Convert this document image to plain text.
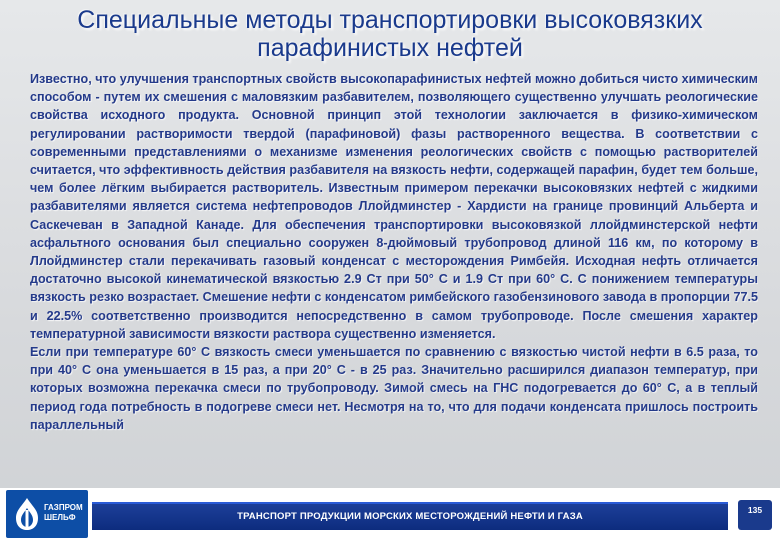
Специальные методы транспортировки высоковязких парафинистых нефтей

Известно, что улучшения транспортных свойств высокопарафинистых нефтей можно добиться чисто химическим способом - путем их смешения с маловязким разбавителем, позволяющего существенно улучшать реологические свойства исходного продукта. Основной принцип этой технологии заключается в физико-химическом регулировании растворимости твердой (парафиновой) фазы растворенного вещества. В соответствии с современными представлениями о механизме изменения реологических свойств с помощью растворителей считается, что эффективность действия разбавителя на вязкость нефти, содержащей парафин, будет тем больше, чем более лёгким выбирается растворитель. Известным примером перекачки высоковязких нефтей с жидкими разбавителями является система нефтепроводов Ллойдминстер - Хардисти на границе провинций Альберта и Саскечеван в Западной Канаде. Для обеспечения транспортировки высоковязкой ллойдминстерской нефти асфальтного основания был специально сооружен 8-дюймовый трубопровод длиной 116 км, по которому в Ллойдминстер стали перекачивать газовый конденсат с месторождения Римбейя. Исходная нефть отличается достаточно высокой кинематической вязкостью 2.9 Ст при 50° С и 1.9 Ст при 60° С. С понижением температуры вязкость резко возрастает. Смешение нефти с конденсатом римбейского газобензинового завода в пропорции 77.5 и 22.5% соответственно производится непосредственно в самом трубопроводе. После смешения характер температурной зависимости вязкости раствора существенно изменяется.

Если при температуре 60° С вязкость смеси уменьшается по сравнению с вязкостью чистой нефти в 6.5 раза, то при 40° С она уменьшается в 15 раз, а при 20° С - в 25 раз. Значительно расширился диапазон температур, при которых возможна перекачка смеси по трубопроводу. Зимой смесь на ГНС подогревается до 60° С, а в теплый период года потребность в подогреве смеси нет. Несмотря на то, что для подачи конденсата пришлось построить параллельный

ГАЗПРОМ
ШЕЛЬФ	ТРАНСПОРТ ПРОДУКЦИИ МОРСКИХ МЕСТОРОЖДЕНИЙ НЕФТИ И ГАЗА
135
